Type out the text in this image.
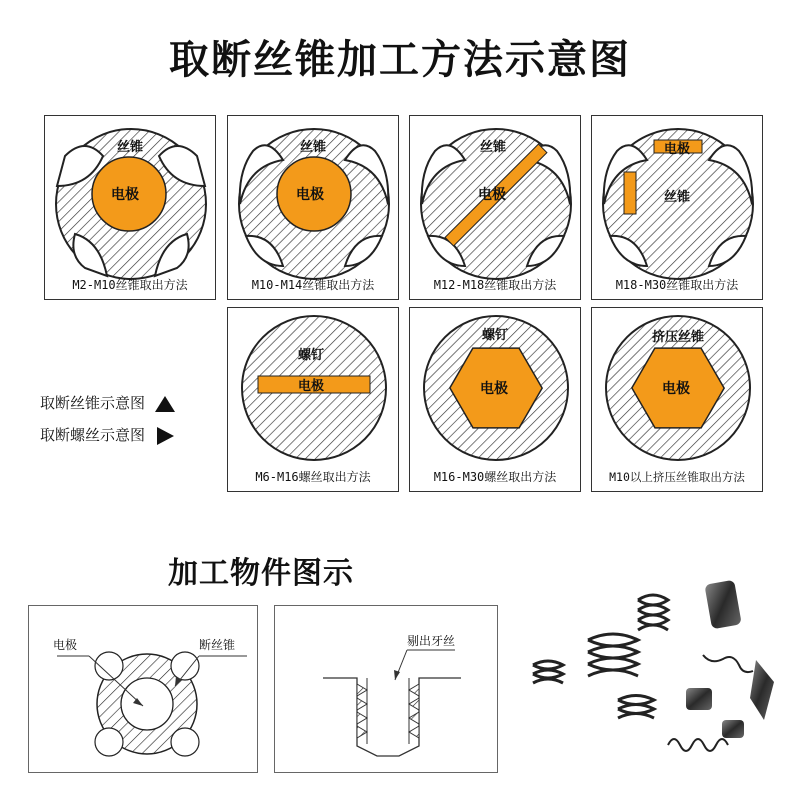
取断丝锥加工方法示意图
丝锥
电极
M2-M10丝锥取出方法
丝锥
电极
M10-M14丝锥取出方法
丝锥
电极
M12-M18丝锥取出方法
电极
丝锥
M18-M30丝锥取出方法
螺钉
电极
M6-M16螺丝取出方法
螺钉
电极
M16-M30螺丝取出方法
挤压丝锥
电极
M10以上挤压丝锥取出方法
取断丝锥示意图
取断螺丝示意图
加工物件图示
电极	断丝锥	剔出牙丝
